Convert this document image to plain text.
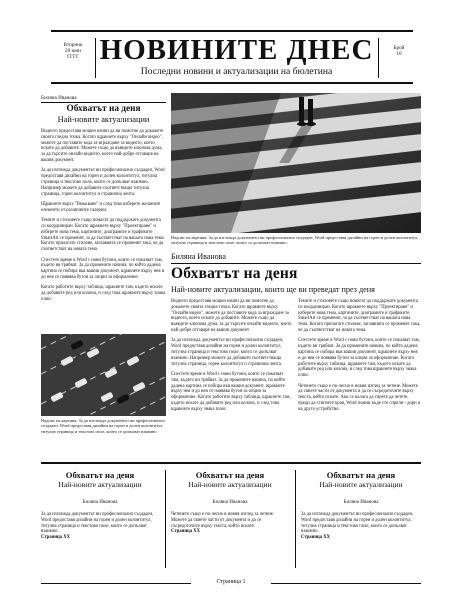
Вторник
20 юни
ГГГГ НОВИНИТЕ ДНЕС
Последни новини и актуализации на бюлетина
Брой
10
Биляна Иванова
Обхватът на деня
Най-новите актуализации

Видеото предоставя мощен начин да ви помогне да докажете своята гледна точка. Когато щракнете върху "Онлайн видео", можете да поставите кода за вграждане за видеото, което искате да добавите. Можете също да въведете ключова дума, за да търсите онлайн видеото, което най-добре отговаря на вашия документ.

За да изглежда документът ви професионално създаден, Word предоставя дизайни на горен и долен колонтитул, титулна страница и текстово поле, които се допълват взаимно. Например можете да добавите съответстваща титулна страница, горен колонтитул и странична лента.

Щракнете върху "Вмъкване" и след това изберете желаните елементи от различните галерии.

Темите и стиловете също помагат да поддържате документа си координиран. Когато щракнете върху "Проектиране" и изберете нова тема, картините, диаграмите и графиките SmartArt се променят, за да съответстват на вашата нова тема. Когато прилагате стилове, заглавията се променят така, че да съответстват на новата тема.

Спестете време в Word с нови бутони, които се показват там, където ви трябват. За да промените начина, по който дадена картина се побира във вашия документ, щракнете върху нея и до нея се появява бутон за опции за оформление.

Когато работите върху таблица, щракнете там, където искате да добавите ред или колона, и след това щракнете върху знака плюс.

Надпис на картина: За да изглежда документът ви професионално създаден, Word предоставя дизайни на горен и долен колонтитул, титулна страница и текстово поле, които се допълват взаимно.
Биляна Иванова
Обхватът на деня
Най-новите актуализации, които ще ви преведат през деня

Видеото предоставя мощен начин да ви помогне да докажете своята гледна точка. Когато щракнете върху "Онлайн видео", можете да поставите кода за вграждане за видеото, което искате да добавите. Можете също да въведете ключова дума, за да търсите онлайн видеото, което най-добре отговаря на вашия документ.

За да изглежда документът ви професионално създаден, Word предоставя дизайни на горен и долен колонтитул, титулна страница и текстово поле, които се допълват взаимно. Например можете да добавите съответстваща титулна страница, горен колонтитул и странична лента.

Спестете време в Word с нови бутони, които се показват там, където ви трябват. За да промените начина, по който дадена картина се побира във вашия документ, щракнете върху нея и до нея се появява бутон за опции за оформление. Когато работите върху таблица, щракнете там, където искате да добавите ред или колона, и след това щракнете върху знака плюс.

Темите и стиловете също помагат да поддържате документа си координиран. Когато щракнете върху "Проектиране" и изберете нова тема, картините, диаграмите и графиките SmartArt се променят, за да съответстват на вашата нова тема. Когато прилагате стилове, заглавията се променят така, че да съответстват на новата тема.

Спестете време в Word с нови бутони, които се показват там, където ви трябват. За да промените начина, по който дадена картина се побира във вашия документ, щракнете върху нея и до нея се появява бутон за опции за оформление. Когато работите върху таблица, щракнете там, където искате да добавите ред или колона, и след това щракнете върху знака плюс.

Четенето също е по-лесно в новия изглед за четене. Можете да свиете части от документа и да се съсредоточите върху текста, който искате. Ако се налага да спрете да четете, преди да стигнете края, Word помни къде сте спрели - дори и на друго устройство.

Надпис на картина: За да изглежда документът ви професионално създаден, Word предоставя дизайни на горен и долен колонтитул, титулна страница и текстово поле, които се допълват взаимно.
Обхватът на деня
Най-новите актуализации
Биляна Иванова
За да изглежда документът ви професионално създаден, Word предоставя дизайни на горен и долен колонтитул, титулна страница и текстово поле, които се допълват взаимно.
Страница XX
Обхватът на деня
Най-новите актуализации
Биляна Иванова
Четенето също е по-лесно в новия изглед за четене. Можете да свиете части от документа и да се съсредоточите върху текста, който искате.
Страница XX
Обхватът на деня
Най-новите актуализации
Биляна Иванова
За да изглежда документът ви професионално създаден, Word предоставя дизайни на горен и долен колонтитул, титулна страница и текстово поле, които се допълват взаимно.
Страница XX
Страница 1
